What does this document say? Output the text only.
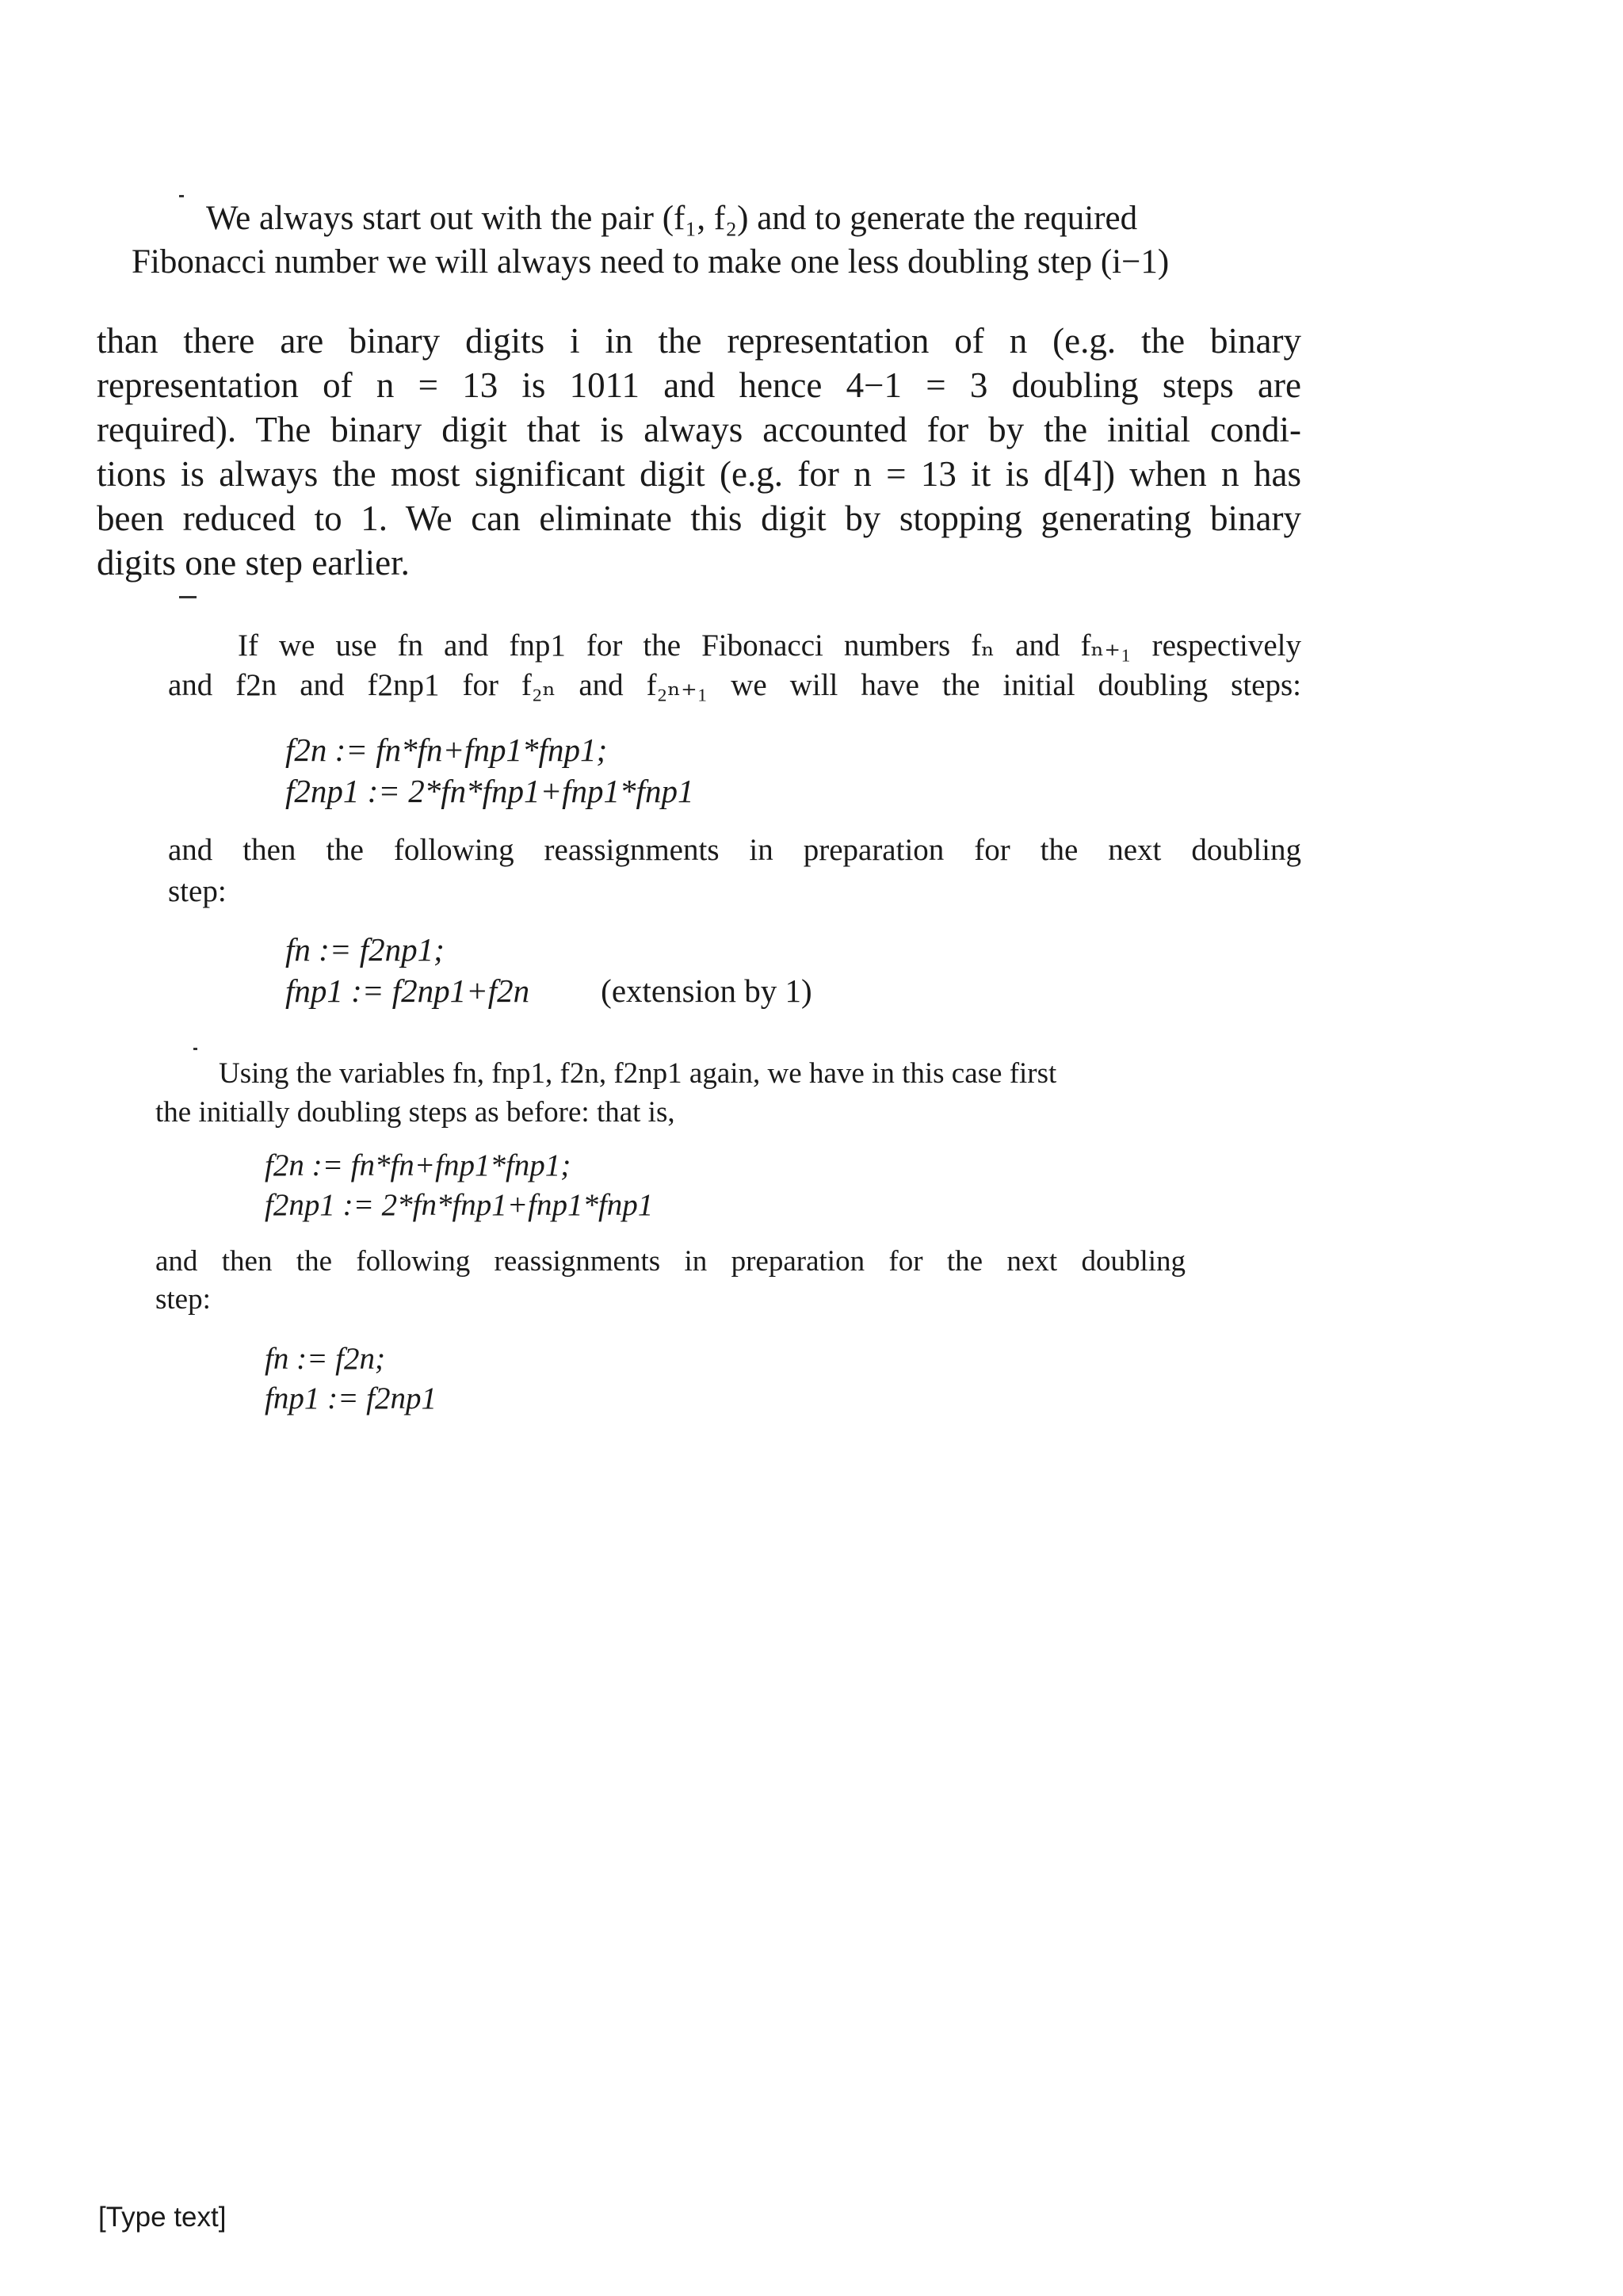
We always start out with the pair (f₁, f₂) and to generate the required
Fibonacci number we will always need to make one less doubling step (i−1)
than there are binary digits i in the representation of n (e.g. the binary
representation of n = 13 is 1011 and hence 4−1 = 3 doubling steps are
required). The binary digit that is always accounted for by the initial condi-
tions is always the most significant digit (e.g. for n = 13 it is d[4]) when n has
been reduced to 1. We can eliminate this digit by stopping generating binary
digits one step earlier.
If we use fn and fnp1 for the Fibonacci numbers fₙ and fₙ₊₁ respectively
and f2n and f2np1 for f₂ₙ and f₂ₙ₊₁ we will have the initial doubling steps:
f2n := fn*fn+fnp1*fnp1;
f2np1 := 2*fn*fnp1+fnp1*fnp1
and then the following reassignments in preparation for the next doubling
step:
fn := f2np1;
fnp1 := f2np1+f2n (extension by 1)
Using the variables fn, fnp1, f2n, f2np1 again, we have in this case first
the initially doubling steps as before: that is,
f2n := fn*fn+fnp1*fnp1;
f2np1 := 2*fn*fnp1+fnp1*fnp1
and then the following reassignments in preparation for the next doubling
step:
fn := f2n;
fnp1 := f2np1
[Type text]
